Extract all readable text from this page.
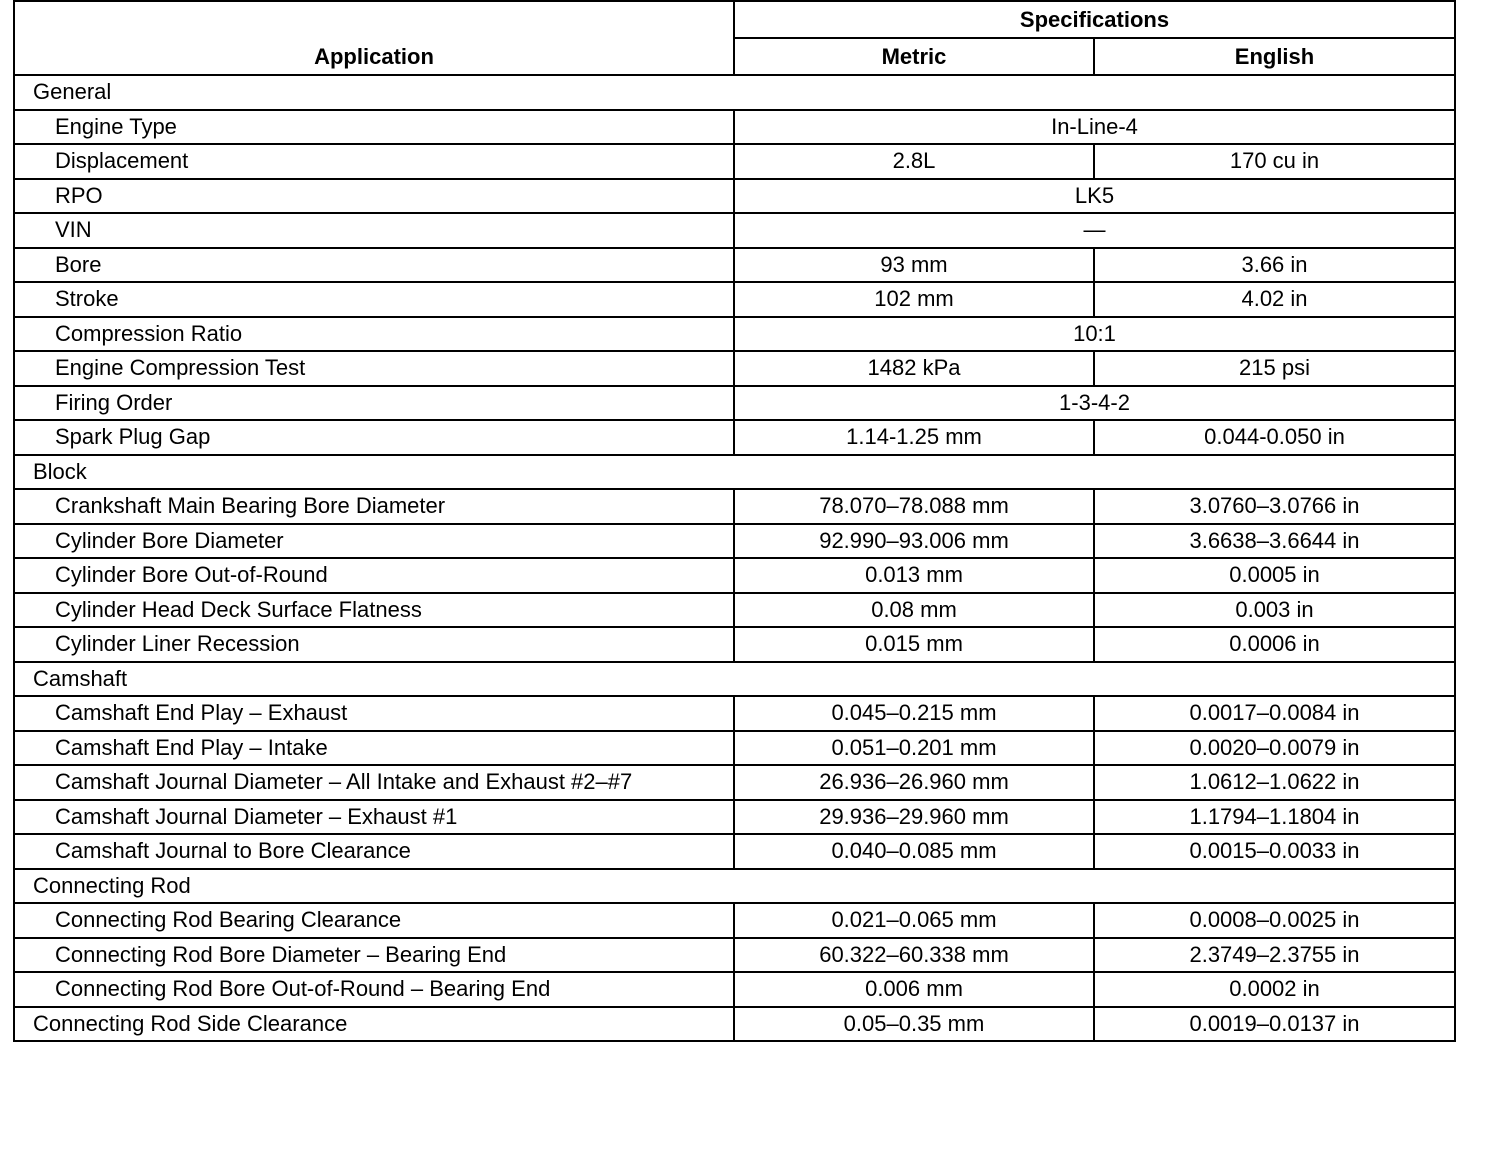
Application	Specifications	
	Metric	English
General		
Engine Type	In-Line-4	
Displacement	2.8L	170 cu in
RPO	LK5	
VIN	—	
Bore	93 mm	3.66 in
Stroke	102 mm	4.02 in
Compression Ratio	10:1	
Engine Compression Test	1482 kPa	215 psi
Firing Order	1-3-4-2	
Spark Plug Gap	1.14-1.25 mm	0.044-0.050 in
Block		
Crankshaft Main Bearing Bore Diameter	78.070–78.088 mm	3.0760–3.0766 in
Cylinder Bore Diameter	92.990–93.006 mm	3.6638–3.6644 in
Cylinder Bore Out-of-Round	0.013 mm	0.0005 in
Cylinder Head Deck Surface Flatness	0.08 mm	0.003 in
Cylinder Liner Recession	0.015 mm	0.0006 in
Camshaft		
Camshaft End Play – Exhaust	0.045–0.215 mm	0.0017–0.0084 in
Camshaft End Play – Intake	0.051–0.201 mm	0.0020–0.0079 in
Camshaft Journal Diameter – All Intake and Exhaust #2–#7	26.936–26.960 mm	1.0612–1.0622 in
Camshaft Journal Diameter – Exhaust #1	29.936–29.960 mm	1.1794–1.1804 in
Camshaft Journal to Bore Clearance	0.040–0.085 mm	0.0015–0.0033 in
Connecting Rod		
Connecting Rod Bearing Clearance	0.021–0.065 mm	0.0008–0.0025 in
Connecting Rod Bore Diameter – Bearing End	60.322–60.338 mm	2.3749–2.3755 in
Connecting Rod Bore Out-of-Round – Bearing End	0.006 mm	0.0002 in
Connecting Rod Side Clearance	0.05–0.35 mm	0.0019–0.0137 in
